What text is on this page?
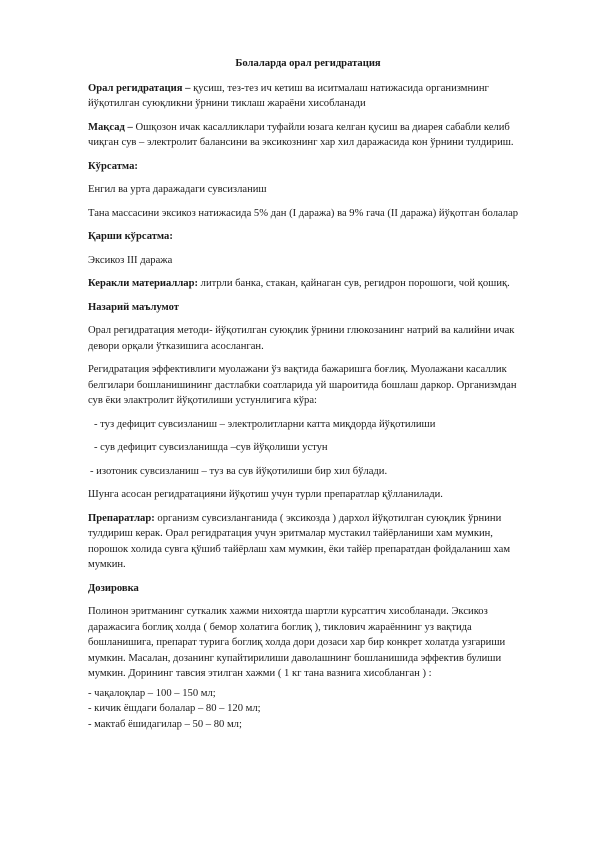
Болаларда орал регидратация

Орал регидратация – қусиш, тез-тез ич кетиш ва иситмалаш натижасида организмнинг йўқотилган суюқликни ўрнини тиклаш жараёни хисобланади

Мақсад – Ошқозон ичак касалликлари туфайли юзага келган қусиш ва диарея сабабли келиб чиқган сув – электролит балансини ва эксикознинг хар хил даражасида кон ўрнини тулдириш.

Кўрсатма:

Енгил ва урта даражадаги сувсизланиш

Тана массасини эксикоз натижасида 5% дан (I даража) ва 9% гача (II даража) йўқотган болалар

Қарши кўрсатма:

Эксикоз III даража

Керакли материаллар: литрли банка, стакан, қайнаган сув, регидрон порошоги, чой қошиқ.

Назарий маълумот

Орал регидратация методи- йўқотилган суюқлик ўрнини глюкозанинг натрий ва калийни ичак девори орқали ўтказишига асосланган.

Регидратация эффективлиги муолажани ўз вақтида бажаришга боғлиқ. Муолажани касаллик белгилари бошланишининг дастлабки соатларида уй шароитида бошлаш даркор. Организмдан сув ёки элактролит йўқотилиши устунлигига кўра:

- туз дефицит сувсизланиш – электролитларни катта миқдорда йўқотилиши

- сув дефицит сувсизланишда –сув йўқолиши устун

- изотоник сувсизланиш – туз ва сув йўқотилиши бир хил бўлади.

Шунга асосан регидратацияни йўқотиш учун турли препаратлар қўлланилади.

Препаратлар: организм сувсизланганида ( эксикозда ) дархол йўқотилган суюқлик ўрнини тулдириш керак. Орал регидратация учун эритмалар мустакил тайёрланиши хам мумкин, порошок холида сувга қўшиб тайёрлаш хам мумкин, ёки тайёр препаратдан фойдаланиш хам мумкин.

Дозировка

Полинон эритманинг суткалик хажми нихоятда шартли курсатгич хисобланади. Эксикоз даражасига боглиқ холда ( бемор холатига боглиқ ), тиклович жараённинг уз вақтида бошланишига, препарат турига боглиқ холда дори дозаси хар бир конкрет холатда узгариши мумкин. Масалан, дозанинг купайтирилиши даволашнинг бошланишида эффектив булиши мумкин. Дорининг тавсия этилган хажми ( 1 кг тана вазнига хисобланган ) :

- чақалоқлар – 100 – 150 мл;
- кичик ёшдаги болалар – 80 – 120 мл;
- мактаб ёшидагилар – 50 – 80 мл;
